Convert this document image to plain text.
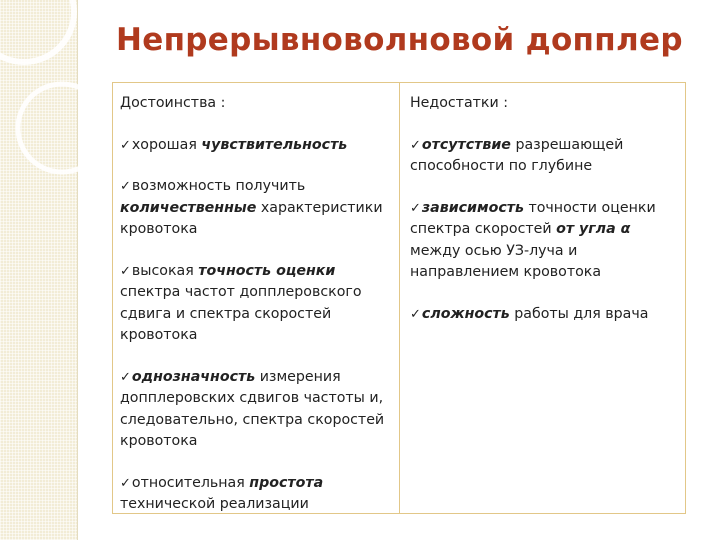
Непрерывноволновой допплер
Достоинства :
✓хорошая чувствительность
✓возможность получить количественные характеристики кровотока
✓высокая точность оценки спектра частот допплеровского сдвига и спектра скоростей кровотока
✓однозначность измерения допплеровских сдвигов частоты и, следовательно, спектра скоростей кровотока
✓относительная простота технической реализации
Недостатки :
✓отсутствие разрешающей способности по глубине
✓зависимость точности оценки спектра скоростей от угла α между осью УЗ-луча и направлением кровотока
✓сложность работы для врача
